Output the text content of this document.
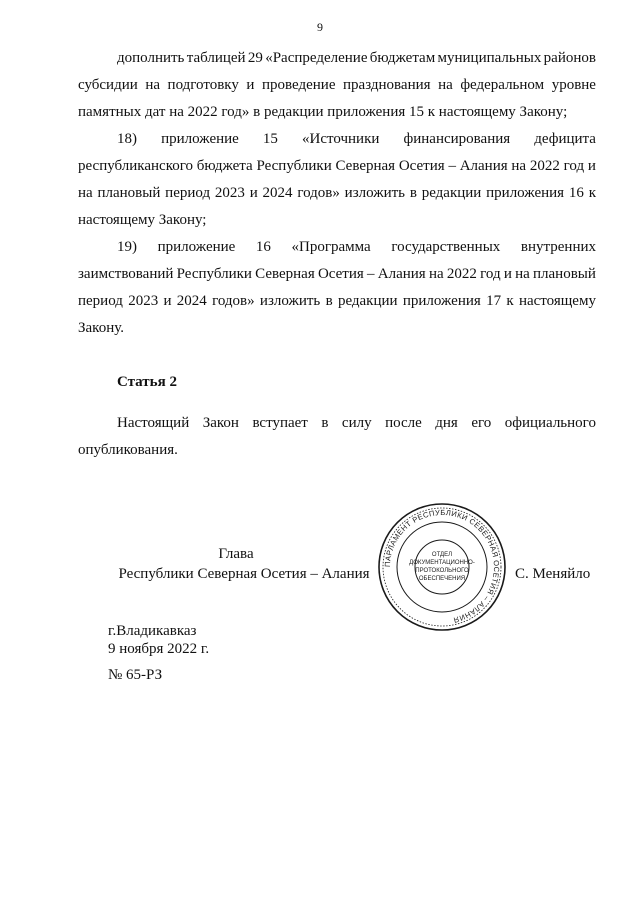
9
дополнить таблицей 29 «Распределение бюджетам муниципальных районов
субсидии на подготовку и проведение празднования на федеральном уровне
памятных дат на 2022 год» в редакции приложения 15 к настоящему Закону;
18) приложение 15 «Источники финансирования дефицита
республиканского бюджета Республики Северная Осетия – Алания на 2022 год и
на плановый период 2023 и 2024 годов» изложить в редакции приложения 16 к
настоящему Закону;
19) приложение 16 «Программа государственных внутренних
заимствований Республики Северная Осетия – Алания на 2022 год и на плановый
период 2023 и 2024 годов» изложить в редакции приложения 17 к настоящему
Закону.
Статья 2
Настоящий Закон вступает в силу после дня его официального
опубликования.
Глава
Республики Северная Осетия – Алания	С. Меняйло
ПАРЛАМЕНТ РЕСПУБЛИКИ СЕВЕРНАЯ ОСЕТИЯ – АЛАНИЯ
ОТДЕЛ
ДОКУМЕНТАЦИОННО-
ПРОТОКОЛЬНОГО
ОБЕСПЕЧЕНИЯ
г.Владикавказ
9 ноября 2022 г.
№ 65-РЗ
